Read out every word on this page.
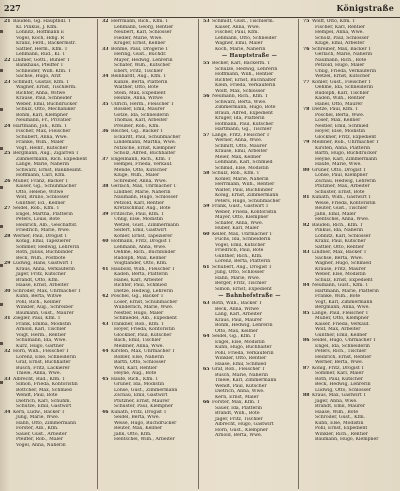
227	Königstraße
21 Baudeli, Gg. Haupthdl. T
Kl. Pinkus, J. Kfm.
Löhnitz, Hoffmann E
Vogel, Koch, Hdlg. R
Kranz, Ferd., Bäckermstr.
Sattler, Herm., Kfm. T
Lehmann, Rud., Kl. T
22 Lindner, Gottl., Bühler T
Bankhaus, Pfeiffer T
Schneider, Wilh. Kfm. T
Sachse, Hugo, Arzt
23 Schmidt, Gustav, Kfm. T
Wagner, Ernst, Tischlerm.
Richter, Anna, Witwe
Krause, Paul, Schneider
Weber, Emil, Buchdrucker
Schulz, Otto, Mechaniker
Böhm, Karl, Klempner
Neumann, Fr., Privatier
24 Hartmann, Joh., Kfm. T
Fischer, Max, Fleischer
Schubert, Anna, Wwe.
Franke, Wilh., Maler
Vogt, Heinr., Kutscher
25 Bergmann, Aug., Zigarren T
Zimmermann, Rich. Expedient
Lange, Marie, Näherin
Schwarz, Ernst, Bankbeamt.
Hoffmann, Carl, Kfm.
26 Müller, Franz, Bäcker T
Kaiser, Gg., Schuhmacher
Otto, Helene, Witwe
Wolf, Bruno, Schlosser
Günther, Ed., Kellner
27 Seidel, Rob., Kfm. T
Engel, Martha, Plätterin
Peters, Louis, Bote
Heinrich, Alb., Geschäftsf.
Friedrich, Marie, Wwe.
28 Werner, Paul, Drogist T
König, Emil, Tapezierer
Sommer, Hedwig, Lehrerin
Roth, Julius, Buchbinder
Beck, Wilh., Postbote
29 Ludwig, Hans, Gastwirt T
Kraus, Anna, Verkäuferin
Jäger, Fritz, Kutscher
Brandt, Otto, Kfm.
Haase, Ernst, Arbeiter
30 Schröder, Max, Uhrmacher T
Kühn, Berta, Witwe
Pohl, Rich., Kellner
Winkler, Aug., Schreiber
Baumann, Gust., Maurer
31 Ziegler, Paul, Kfm. T
Frank, Emma, Modistin
Arnold, Karl, Tischler
Voigt, Herm., Rentier
Schumann, Ida, Wwe.
Kurz, Hugo, Gärtner
32 Horn, Wilh., Fleischer T
Lorenz, Else, Schneiderin
Graf, Ernst, Buchhalter
Busch, Fritz, Lackierer
Thiele, Anna, Wwe.
33 Albrecht, Rud., Kfm. T
Simon, Frieda, Kontoristin
Böttcher, Max, Schmied
Wendt, Paul, Bote
Dietrich, Karl, Schuhm.
Schütze, Emil, Gastwirt
34 Kern, Ludw., Bäcker T
Jung, Marie, Wwe.
Hahn, Otto, Zimmermann
Förster, Alb., Kfm.
Sauer, Gust., Arbeiter
Pfeiffer, Rob., Maler
Vogel, Anna, Näherin
32 Herrmann, Rich., Kfm. T
Lehmann, Georg, Rentier
Neubert, Karl, Schlosser
Fiedler, Marie, Wwe.
Krüger, Ernst, Kellner
33 Böhme, Paul, Drogerie T
Hering, Gust., Buchdr.
Mayer, Hedwig, Lehrerin
Schäfer, Wilh., Kutscher
Ebert, Fritz, Tischler
34 Reinhardt, Aug., Kfm. T
Kunze, Berta, Plätterin
Walther, Otto, Bote
Stein, Max, Expedient
Heinze, Anna, Witwe
35 Ullrich, Herm., Fleischer T
Rössler, Emil, Maurer
Götze, Ida, Schneiderin
Thomas, Karl, Arbeiter
Preußer, Rob., Kfm.
36 Reichel, Gg., Bäcker T
Eckardt, Paul, Schuhmacher
Lindemann, Martha, Wwe.
Nitzsche, Ernst, Klempner
Scholz, Alfred, Buchhalter
37 Engelmann, Rich., Kfm. T
Hempel, Frieda, Verkäuf.
Mende, Otto, Kutscher
Kluge, Wilh., Maler
Schreiber, Anna, Wwe.
38 Gerlach, Max, Uhrmacher T
Lindner, Marie, Näherin
Naumann, Hugo, Schlosser
Petzold, Karl, Rentier
Kretzschmar, Aug., Bote
39 Fritzsche, Paul, Kfm. T
Uhlig, Else, Modistin
Wetzel, Gust., Zimmermann
Seifert, Emil, Gastwirt
Köhler, Ernst, Tapezierer
40 Hofmann, Fritz, Drogist T
Lehmann, Anna, Wwe.
Oehme, Rich., Buchbinder
Rudolph, Max, Kellner
Voigtländer, Otto, Kfm.
41 Haubold, Wilh., Fleischer T
Kaden, Berta, Plätterin
Hänel, Karl, Arbeiter
Richter, Paul, Schmied
Dietze, Hedwig, Lehrerin
42 Pöschel, Gg., Bäcker T
Löser, Ernst, Schuhmacher
Wunderlich, Marie, Wwe.
Nestler, Hugo, Maler
Schmiedel, Alb., Expedient
43 Tränkner, Rob., Kfm. T
Hoyer, Frieda, Kontoristin
Glöckner, Paul, Kutscher
Bach, Emil, Tischler
Meißner, Anna, Wwe.
44 Kirsten, Max, Uhrmacher T
Rößler, Else, Näherin
Barth, Otto, Schlosser
Wolf, Karl, Rentier
Heyne, Aug., Bote
45 Haufe, Rich., Kfm. T
Gruner, Ida, Modistin
Lohse, Gust., Zimmermann
Zschau, Emil, Gastwirt
Pfützner, Ernst, Maurer
Schuster, Paul, Klempner
46 Kunath, Fritz, Drogist T
Seidel, Berta, Wwe.
Weise, Hugo, Buchdrucker
Reuter, Max, Kellner
Jahn, Otto, Kfm.
Hentschel, Wilh., Arbeiter
53 Schmidt, Gust., Tischlerm.
Kaiser, Anna, Wwe.
Fischer, Paul, Kfm.
Lehmann, Otto, Schneider
Wagner, Emil, Maler
Koch, Marie, Näherin
— Hauptstraße —
55 Becker, Karl, Bäckerm. T
Schulze, Hedwig, Lehrerin
Hoffmann, Wilh., Rentier
Richter, Ernst, Buchhalter
Klein, Frieda, Verkäuferin
Wolff, Max, Schlosser
56 Neumann, Rich., Kfm. T
Schwarz, Berta, Wwe.
Zimmermann, Hugo, Bote
Braun, Alfred, Expedient
Krüger, Ida, Plätterin
Hofmann, Paul, Kutscher
Hartmann, Gg., Tischler
57 Lange, Fritz, Fleischer T
Werner, Anna, Wwe.
Schmitt, Otto, Maurer
Krause, Emil, Arbeiter
Meier, Max, Kellner
Lehmann, Karl, Schmied
Schmid, Else, Modistin
58 Schulz, Rob., Kfm. T
Köhler, Marie, Näherin
Herrmann, Wilh., Rentier
Walter, Paul, Buchbinder
König, Ernst, Zimmermann
Peters, Hugo, Schuhmacher
59 Frank, Gust., Gastwirt T
Weber, Frieda, Kontoristin
Mayer, Otto, Klempner
Schäfer, Anna, Wwe.
Huber, Karl, Maler
60 Keller, Max, Uhrmacher T
Fuchs, Ida, Schneiderin
Vogel, Emil, Kutscher
Friedrich, Paul, Bote
Günther, Rich., Kfm.
Lorenz, Berta, Plätterin
61 Schubert, Aug., Drogist T
Jung, Otto, Schlosser
Hahn, Marie, Wwe.
Berger, Fritz, Tischler
Simon, Ernst, Expedient
— Bahnhofstraße —
63 Roth, Wilh., Bäcker T
Beck, Anna, Witwe
Lang, Karl, Arbeiter
Kraus, Paul, Maurer
Böhm, Hedwig, Lehrerin
Otto, Max, Kellner
64 Seidel, Gg., Kfm. T
Engel, Else, Modistin
Kuhn, Hugo, Buchhalter
Pohl, Frieda, Verkäuferin
Winkler, Otto, Rentier
Haase, Emil, Schmied
65 Graf, Rob., Fleischer T
Busch, Marie, Näherin
Thiele, Karl, Zimmermann
Wendt, Paul, Kutscher
Dietrich, Anna, Wwe.
Kern, Ernst, Maler
66 Förster, Max, Kfm. T
Sauer, Ida, Plätterin
Brandt, Wilh., Bote
Jäger, Fritz, Tischler
Albrecht, Hugo, Gastwirt
Horn, Gust., Klempner
Arnold, Berta, Wwe.
75 Wolff, Otto, Kfm. T
Fischer, Karl, Rentier
Hempel, Anna, Wwe.
Scholz, Paul, Schlosser
Kluge, Emil, Arbeiter
76 Schreiber, Max, Bäcker T
Gerlach, Marie, Näherin
Naumann, Rich., Bote
Petzold, Hugo, Maler
Uhlig, Frieda, Verkäuferin
Wetzel, Ernst, Kutscher
77 Köhler, Gust., Fleischer T
Oehme, Ida, Schneiderin
Rudolph, Karl, Tischler
Kaden, Wilh., Rentier
Hänel, Otto, Maurer
78 Dietze, Paul, Kfm. T
Pöschel, Berta, Wwe.
Löser, Max, Kellner
Nestler, Emil, Schmied
Hoyer, Else, Modistin
Glöckner, Fritz, Expedient
79 Meißner, Rob., Uhrmacher T
Kirsten, Anna, Plätterin
Barth, Hugo, Buchdrucker
Heyne, Karl, Zimmermann
Haufe, Marie, Wwe.
80 Gruner, Otto, Drogist T
Lohse, Paul, Klempner
Zschau, Hedwig, Lehrerin
Pfützner, Max, Arbeiter
Schuster, Ernst, Bote
81 Kunath, Wilh., Gastwirt T
Weise, Frieda, Kontoristin
Reuter, Gust., Tischler
Jahn, Emil, Maler
Hentschel, Anna, Wwe.
82 Baudeli, Rich., Kfm. T
Pinkus, Ida, Näherin
Löhnitz, Karl, Schlosser
Kranz, Paul, Kutscher
Sattler, Otto, Rentier
83 Lindner, Max, Bäcker T
Sachse, Berta, Wwe.
Wagner, Hugo, Schmied
Krause, Fritz, Maurer
Weber, Else, Modistin
Schulz, Ernst, Expedient
84 Neumann, Gust., Kfm. T
Hartmann, Marie, Plätterin
Franke, Wilh., Bote
Vogt, Karl, Zimmermann
Bergmann, Anna, Wwe.
85 Lange, Paul, Fleischer T
Müller, Otto, Klempner
Kaiser, Frieda, Verkäuf.
Wolf, Max, Arbeiter
Günther, Emil, Kellner
86 Seidel, Hugo, Uhrmacher T
Engel, Ida, Schneiderin
Peters, Rich., Tischler
Heinrich, Ernst, Rentier
Werner, Berta, Wwe.
87 König, Fritz, Drogist T
Sommer, Karl, Maler
Roth, Paul, Kutscher
Beck, Hedwig, Lehrerin
Ludwig, Otto, Schlosser
88 Kraus, Max, Gastwirt T
Jäger, Anna, Wwe.
Brandt, Emil, Maurer
Haase, Wilh., Bote
Schröder, Gust., Kfm.
Kühn, Else, Modistin
Pohl, Ernst, Expedient
Winkler, Rich., Rentier
Baumann, Hugo, Klempner
